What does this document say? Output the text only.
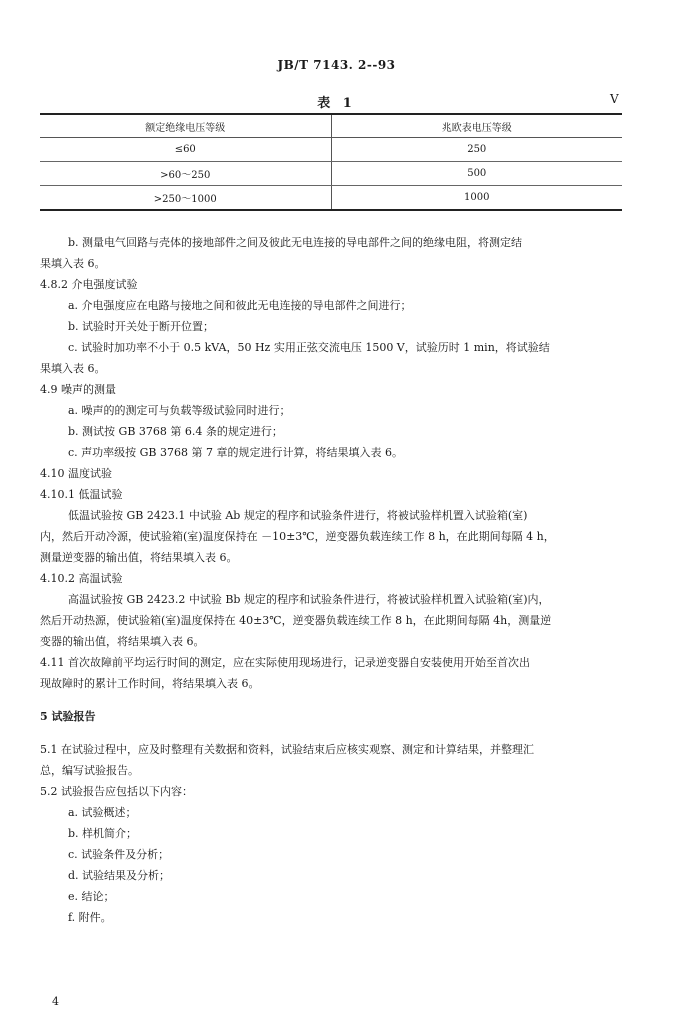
JB/T 7143. 2--93
表 1	V
额定绝缘电压等级	兆欧表电压等级
≤60	250
>60～250	500
>250～1000	1000
b. 测量电气回路与壳体的接地部件之间及彼此无电连接的导电部件之间的绝缘电阻，将测定结
果填入表 6。
4.8.2 介电强度试验
a. 介电强度应在电路与接地之间和彼此无电连接的导电部件之间进行；
b. 试验时开关处于断开位置；
c. 试验时加功率不小于 0.5 kVA，50 Hz 实用正弦交流电压 1500 V，试验历时 1 min，将试验结
果填入表 6。
4.9 噪声的测量
a. 噪声的的测定可与负载等级试验同时进行；
b. 测试按 GB 3768 第 6.4 条的规定进行；
c. 声功率级按 GB 3768 第 7 章的规定进行计算，将结果填入表 6。
4.10 温度试验
4.10.1 低温试验
低温试验按 GB 2423.1 中试验 Ab 规定的程序和试验条件进行，将被试验样机置入试验箱(室)
内，然后开动冷源，使试验箱(室)温度保持在 －10±3℃，逆变器负载连续工作 8 h，在此期间每隔 4 h，
测量逆变器的输出值，将结果填入表 6。
4.10.2 高温试验
高温试验按 GB 2423.2 中试验 Bb 规定的程序和试验条件进行，将被试验样机置入试验箱(室)内，
然后开动热源，使试验箱(室)温度保持在 40±3℃，逆变器负载连续工作 8 h，在此期间每隔 4h，测量逆
变器的输出值，将结果填入表 6。
4.11 首次故障前平均运行时间的测定，应在实际使用现场进行，记录逆变器自安装使用开始至首次出
现故障时的累计工作时间，将结果填入表 6。
5 试验报告
5.1 在试验过程中，应及时整理有关数据和资料，试验结束后应核实观察、测定和计算结果，并整理汇
总，编写试验报告。
5.2 试验报告应包括以下内容：
a. 试验概述；
b. 样机简介；
c. 试验条件及分析；
d. 试验结果及分析；
e. 结论；
f. 附件。
4
